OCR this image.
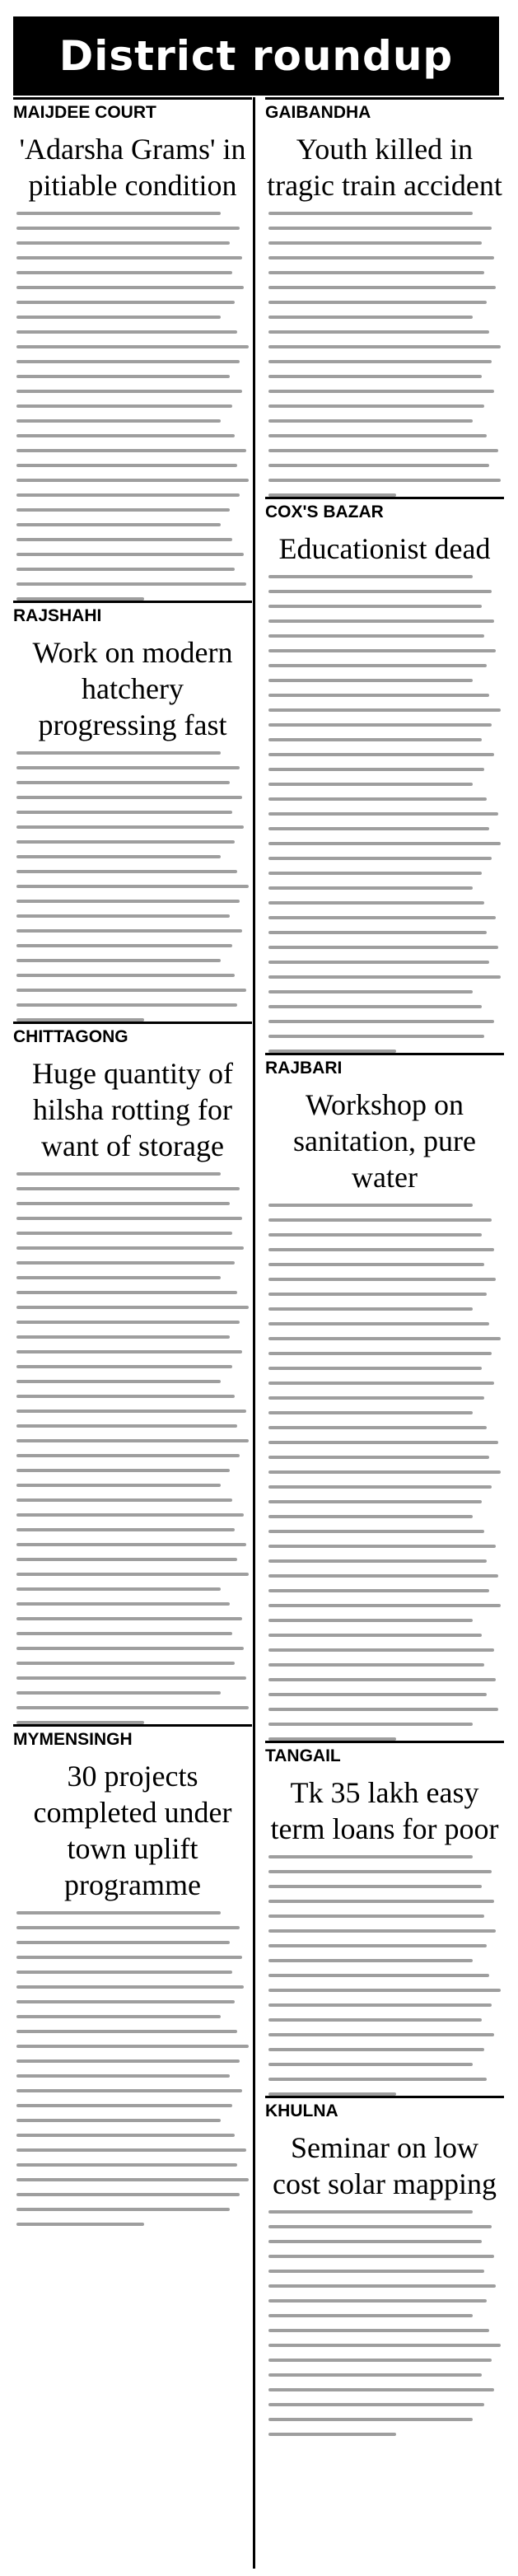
District roundup
MAIJDEE COURT
'Adarsha Grams' in pitiable condition
RAJSHAHI
Work on modern hatchery progressing fast
CHITTAGONG
Huge quantity of hilsha rotting for want of storage
MYMENSINGH
30 projects completed under town uplift programme
GAIBANDHA
Youth killed in tragic train accident
COX'S BAZAR
Educationist dead
RAJBARI
Workshop on sanitation, pure water
TANGAIL
Tk 35 lakh easy term loans for poor
KHULNA
Seminar on low cost solar mapping
